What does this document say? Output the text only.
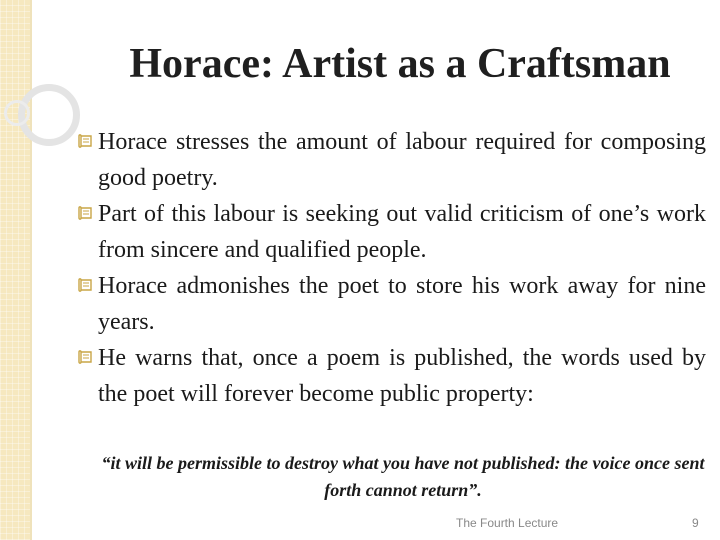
Horace: Artist as a Craftsman
Horace stresses the amount of labour required for composing good poetry.
Part of this labour is seeking out valid criticism of one’s work from sincere and qualified people.
Horace admonishes the poet to store his work away for nine years.
He warns that, once a poem is published, the words used by the poet will forever become public property:
“it will be permissible to destroy what you have not published: the voice once sent forth cannot return”.
The Fourth Lecture	9
